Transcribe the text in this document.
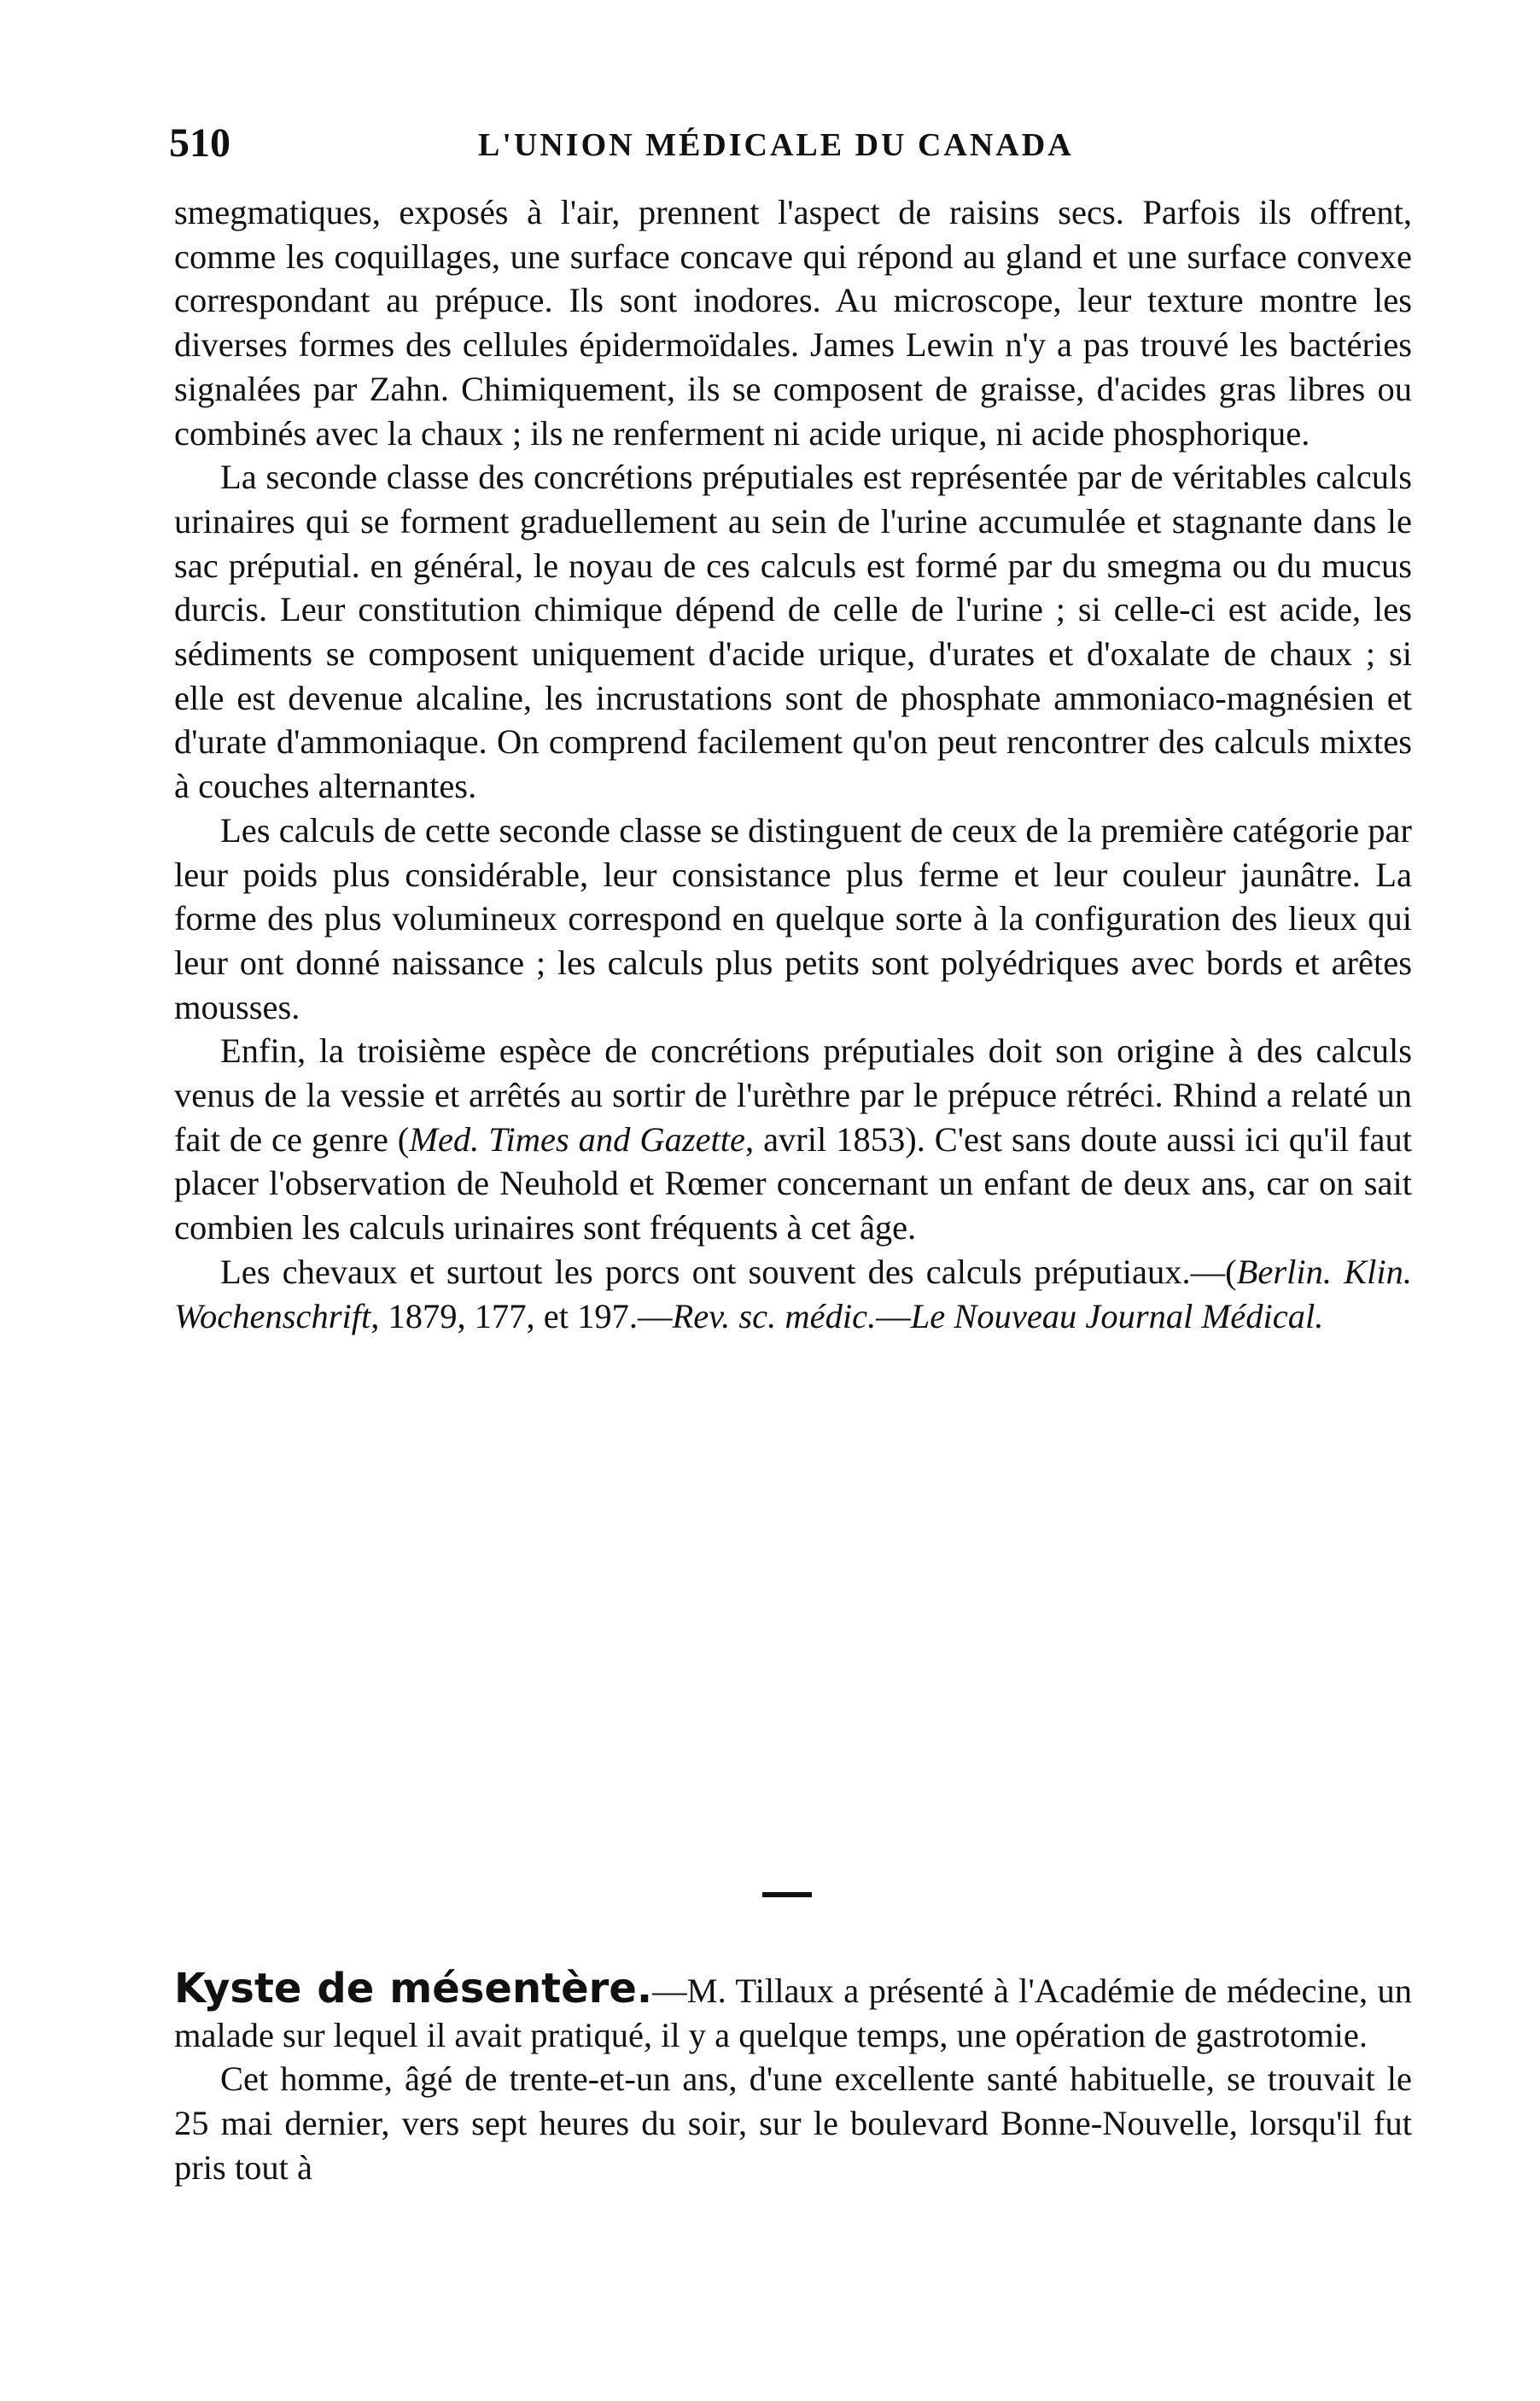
510	L'UNION MÉDICALE DU CANADA

smegmatiques, exposés à l'air, prennent l'aspect de raisins secs. Parfois ils offrent, comme les coquillages, une surface concave qui répond au gland et une surface convexe correspondant au prépuce. Ils sont inodores. Au microscope, leur texture montre les diverses formes des cellules épidermoïdales. James Lewin n'y a pas trouvé les bactéries signalées par Zahn. Chimiquement, ils se composent de graisse, d'acides gras libres ou combinés avec la chaux ; ils ne renferment ni acide urique, ni acide phosphorique.

La seconde classe des concrétions préputiales est représentée par de véritables calculs urinaires qui se forment graduellement au sein de l'urine accumulée et stagnante dans le sac préputial. en général, le noyau de ces calculs est formé par du smegma ou du mucus durcis. Leur constitution chimique dépend de celle de l'urine ; si celle-ci est acide, les sédiments se composent uniquement d'acide urique, d'urates et d'oxalate de chaux ; si elle est devenue alcaline, les incrustations sont de phosphate ammoniaco-magnésien et d'urate d'ammoniaque. On comprend facilement qu'on peut rencontrer des calculs mixtes à couches alternantes.

Les calculs de cette seconde classe se distinguent de ceux de la première catégorie par leur poids plus considérable, leur consistance plus ferme et leur couleur jaunâtre. La forme des plus volumineux correspond en quelque sorte à la configuration des lieux qui leur ont donné naissance ; les calculs plus petits sont polyédriques avec bords et arêtes mousses.

Enfin, la troisième espèce de concrétions préputiales doit son origine à des calculs venus de la vessie et arrêtés au sortir de l'urèthre par le prépuce rétréci. Rhind a relaté un fait de ce genre (Med. Times and Gazette, avril 1853). C'est sans doute aussi ici qu'il faut placer l'observation de Neuhold et Rœmer concernant un enfant de deux ans, car on sait combien les calculs urinaires sont fréquents à cet âge.

Les chevaux et surtout les porcs ont souvent des calculs préputiaux.—(Berlin. Klin. Wochenschrift, 1879, 177, et 197.—Rev. sc. médic.—Le Nouveau Journal Médical.

Kyste de mésentère.—M. Tillaux a présenté à l'Académie de médecine, un malade sur lequel il avait pratiqué, il y a quelque temps, une opération de gastrotomie.

Cet homme, âgé de trente-et-un ans, d'une excellente santé habituelle, se trouvait le 25 mai dernier, vers sept heures du soir, sur le boulevard Bonne-Nouvelle, lorsqu'il fut pris tout à
